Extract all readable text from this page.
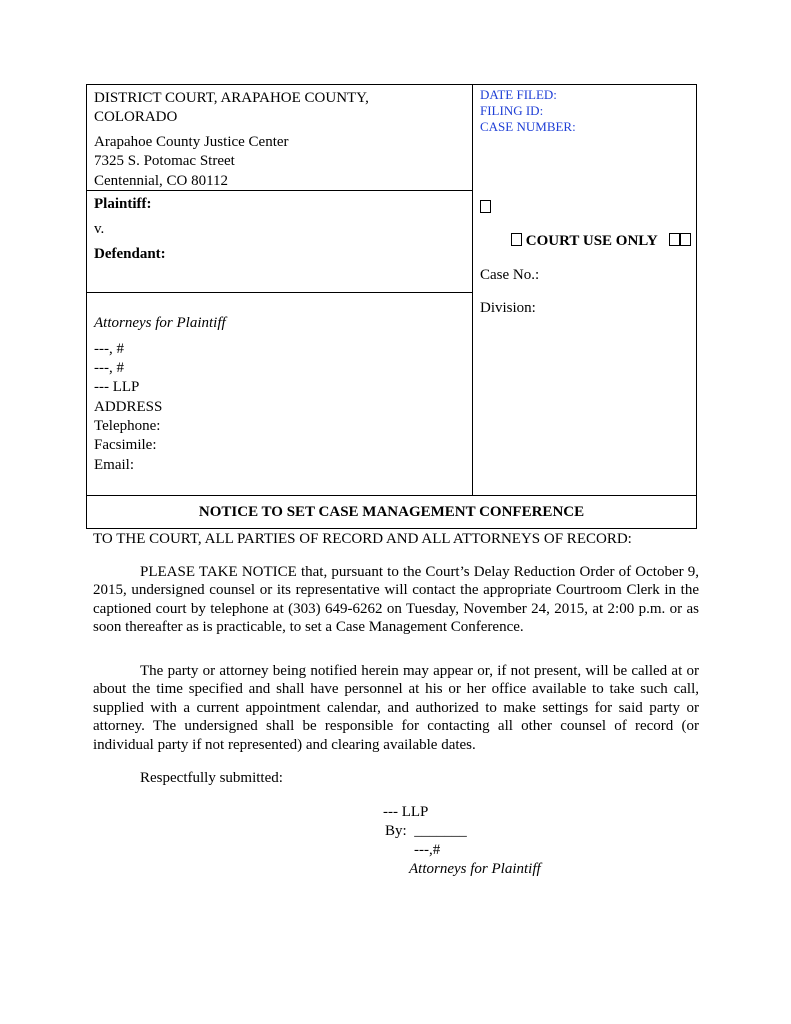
DISTRICT COURT, ARAPAHOE COUNTY,
COLORADO
Arapahoe County Justice Center
7325 S. Potomac Street
Centennial, CO 80112
DATE FILED:
FILING ID:
CASE NUMBER:
Plaintiff:
v.
Defendant:
COURT USE ONLY
Case No.:
Division:
Attorneys for Plaintiff
---, #
---, #
--- LLP
ADDRESS
Telephone:
Facsimile:
Email:
NOTICE TO SET CASE MANAGEMENT CONFERENCE
TO THE COURT, ALL PARTIES OF RECORD AND ALL ATTORNEYS OF RECORD:
PLEASE TAKE NOTICE that, pursuant to the Court’s Delay Reduction Order of October 9, 2015, undersigned counsel or its representative will contact the appropriate Courtroom Clerk in the captioned court by telephone at (303) 649-6262 on Tuesday, November 24, 2015, at 2:00 p.m. or as soon thereafter as is practicable, to set a Case Management Conference.
The party or attorney being notified herein may appear or, if not present, will be called at or about the time specified and shall have personnel at his or her office available to take such call, supplied with a current appointment calendar, and authorized to make settings for said party or attorney. The undersigned shall be responsible for contacting all other counsel of record (or individual party if not represented) and clearing available dates.
Respectfully submitted:
--- LLP
By: _______
---,#
Attorneys for Plaintiff
